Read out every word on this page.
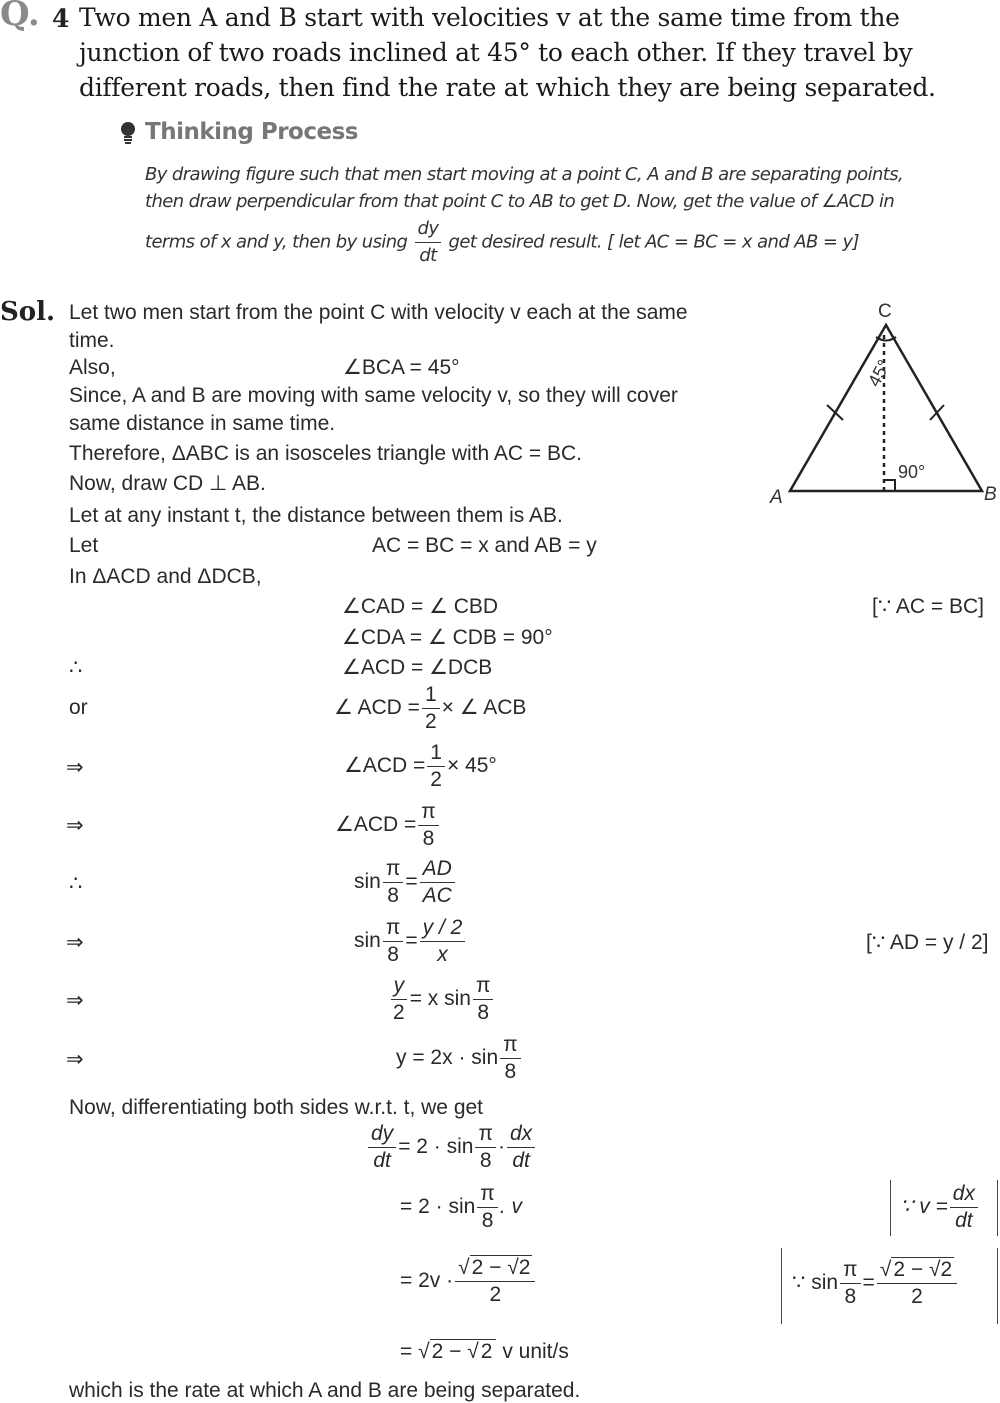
Q. 4 Two men A and B start with velocities v at the same time from the
junction of two roads inclined at 45° to each other. If they travel by
different roads, then find the rate at which they are being separated.
Thinking Process
By drawing figure such that men start moving at a point C, A and B are separating points,
then draw perpendicular from that point C to AB to get D. Now, get the value of ∠ACD in
terms of x and y, then by using $\frac{dy}{dt}$ get desired result. [ let AC = BC = x and AB = y]
C
A	B
45°
90°
Sol. Let two men start from the point C with velocity v each at the same
time.
Also,	∠BCA = 45°
Since, A and B are moving with same velocity v, so they will cover
same distance in same time.
Therefore, ΔABC is an isosceles triangle with AC = BC.
Now, draw CD ⊥ AB.
Let at any instant t, the distance between them is AB.
Let	AC = BC = x and AB = y
In ΔACD and ΔDCB,
∠CAD = ∠ CBD	[∵ AC = BC]
∠CDA = ∠ CDB = 90°
∴	∠ACD = ∠DCB
or	∠ ACD = $\frac{1}{2}$ × ∠ ACB
⇒	∠ACD = $\frac{1}{2} \times 45^\circ$
⇒	∠ACD = $\frac{\pi}{8}$
∴	$\sin \frac{\pi}{8} = \frac{AD}{AC}$
⇒	$\sin \frac{\pi}{8} = \frac{y / 2}{x}$	[∵ AD = y / 2]
⇒	$\frac{y}{2} = x$ $\sin \frac{\pi}{8}$
⇒	$y = 2x \cdot \sin \frac{\pi}{8}$
Now, differentiating both sides w.r.t. t, we get
$\frac{dy}{dt} = 2 \cdot \sin \frac{\pi}{8} \cdot \frac{dx}{dt}$
= $2 \cdot \sin \frac{\pi}{8}$ . v	∵ $v = \frac{dx}{dt}$
= $2v \cdot \frac{√2 - √2}{2}$	∵ $\sin \frac{\pi}{8} = \frac{√2 - √2}{2}$
= √2 − √2 v unit/s
which is the rate at which A and B are being separated.
